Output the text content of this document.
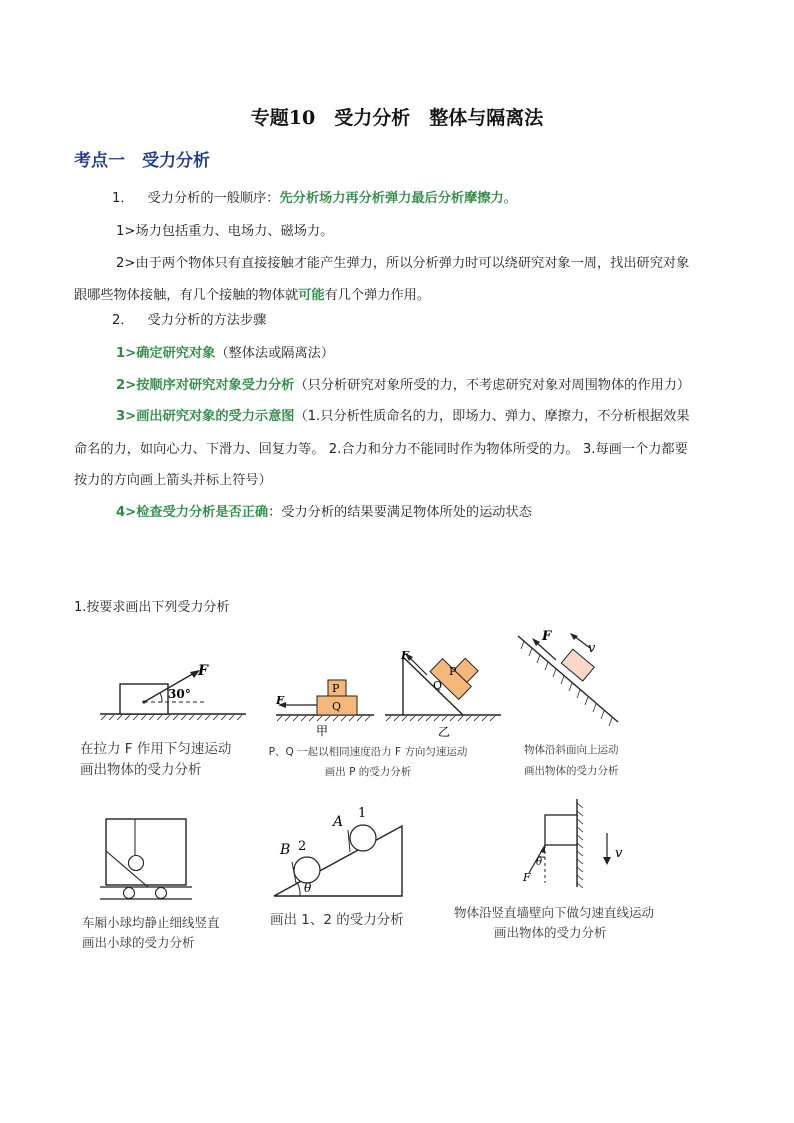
专题10　受力分析　整体与隔离法
考点一　受力分析
1． 受力分析的一般顺序：先分析场力再分析弹力最后分析摩擦力。
1>场力包括重力、电场力、磁场力。
2>由于两个物体只有直接接触才能产生弹力，所以分析弹力时可以绕研究对象一周，找出研究对象
跟哪些物体接触，有几个接触的物体就可能有几个弹力作用。
2． 受力分析的方法步骤
1>确定研究对象（整体法或隔离法）
2>按顺序对研究对象受力分析（只分析研究对象所受的力，不考虑研究对象对周围物体的作用力）
3>画出研究对象的受力示意图（1.只分析性质命名的力，即场力、弹力、摩擦力，不分析根据效果
命名的力，如向心力、下滑力、回复力等。 2.合力和分力不能同时作为物体所受的力。 3.每画一个力都要
按力的方向画上箭头并标上符号）
4>检查受力分析是否正确：受力分析的结果要满足物体所处的运动状态
1.按要求画出下列受力分析
F
30°
在拉力 F 作用下匀速运动
画出物体的受力分析
P
Q
F
甲
F
P
Q
乙
P、Q 一起以相同速度沿力 F 方向匀速运动
画出 P 的受力分析
F
v
物体沿斜面向上运动
画出物体的受力分析
车厢小球均静止细线竖直
画出小球的受力分析
θ
B 2
A
1
画出 1、2 的受力分析
θ
F
v
物体沿竖直墙壁向下做匀速直线运动
画出物体的受力分析
